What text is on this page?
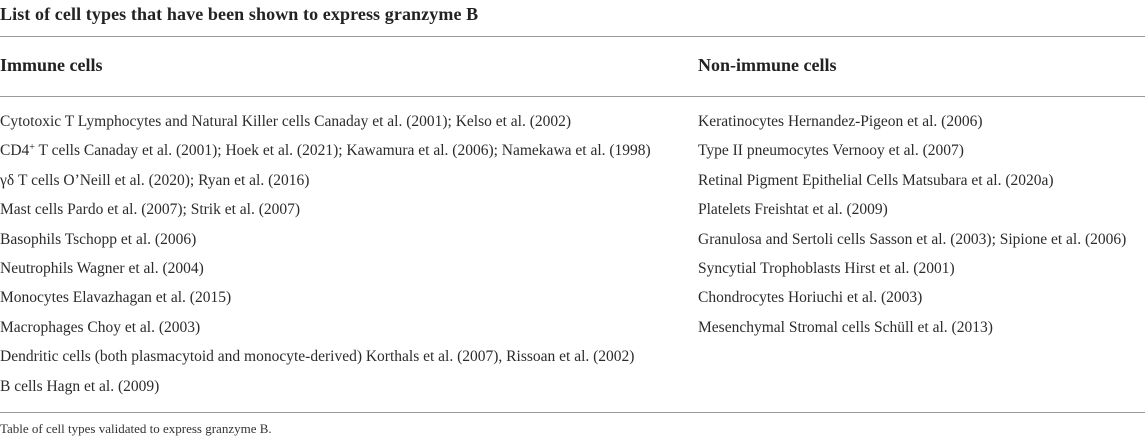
List of cell types that have been shown to express granzyme B
Immune cells	Non-immune cells
Cytotoxic T Lymphocytes and Natural Killer cells Canaday et al. (2001); Kelso et al. (2002)
CD4+ T cells Canaday et al. (2001); Hoek et al. (2021); Kawamura et al. (2006); Namekawa et al. (1998)
γδ T cells O’Neill et al. (2020); Ryan et al. (2016)
Mast cells Pardo et al. (2007); Strik et al. (2007)
Basophils Tschopp et al. (2006)
Neutrophils Wagner et al. (2004)
Monocytes Elavazhagan et al. (2015)
Macrophages Choy et al. (2003)
Dendritic cells (both plasmacytoid and monocyte-derived) Korthals et al. (2007), Rissoan et al. (2002)
B cells Hagn et al. (2009)
Keratinocytes Hernandez-Pigeon et al. (2006)
Type II pneumocytes Vernooy et al. (2007)
Retinal Pigment Epithelial Cells Matsubara et al. (2020a)
Platelets Freishtat et al. (2009)
Granulosa and Sertoli cells Sasson et al. (2003); Sipione et al. (2006)
Syncytial Trophoblasts Hirst et al. (2001)
Chondrocytes Horiuchi et al. (2003)
Mesenchymal Stromal cells Schüll et al. (2013)
Table of cell types validated to express granzyme B.
